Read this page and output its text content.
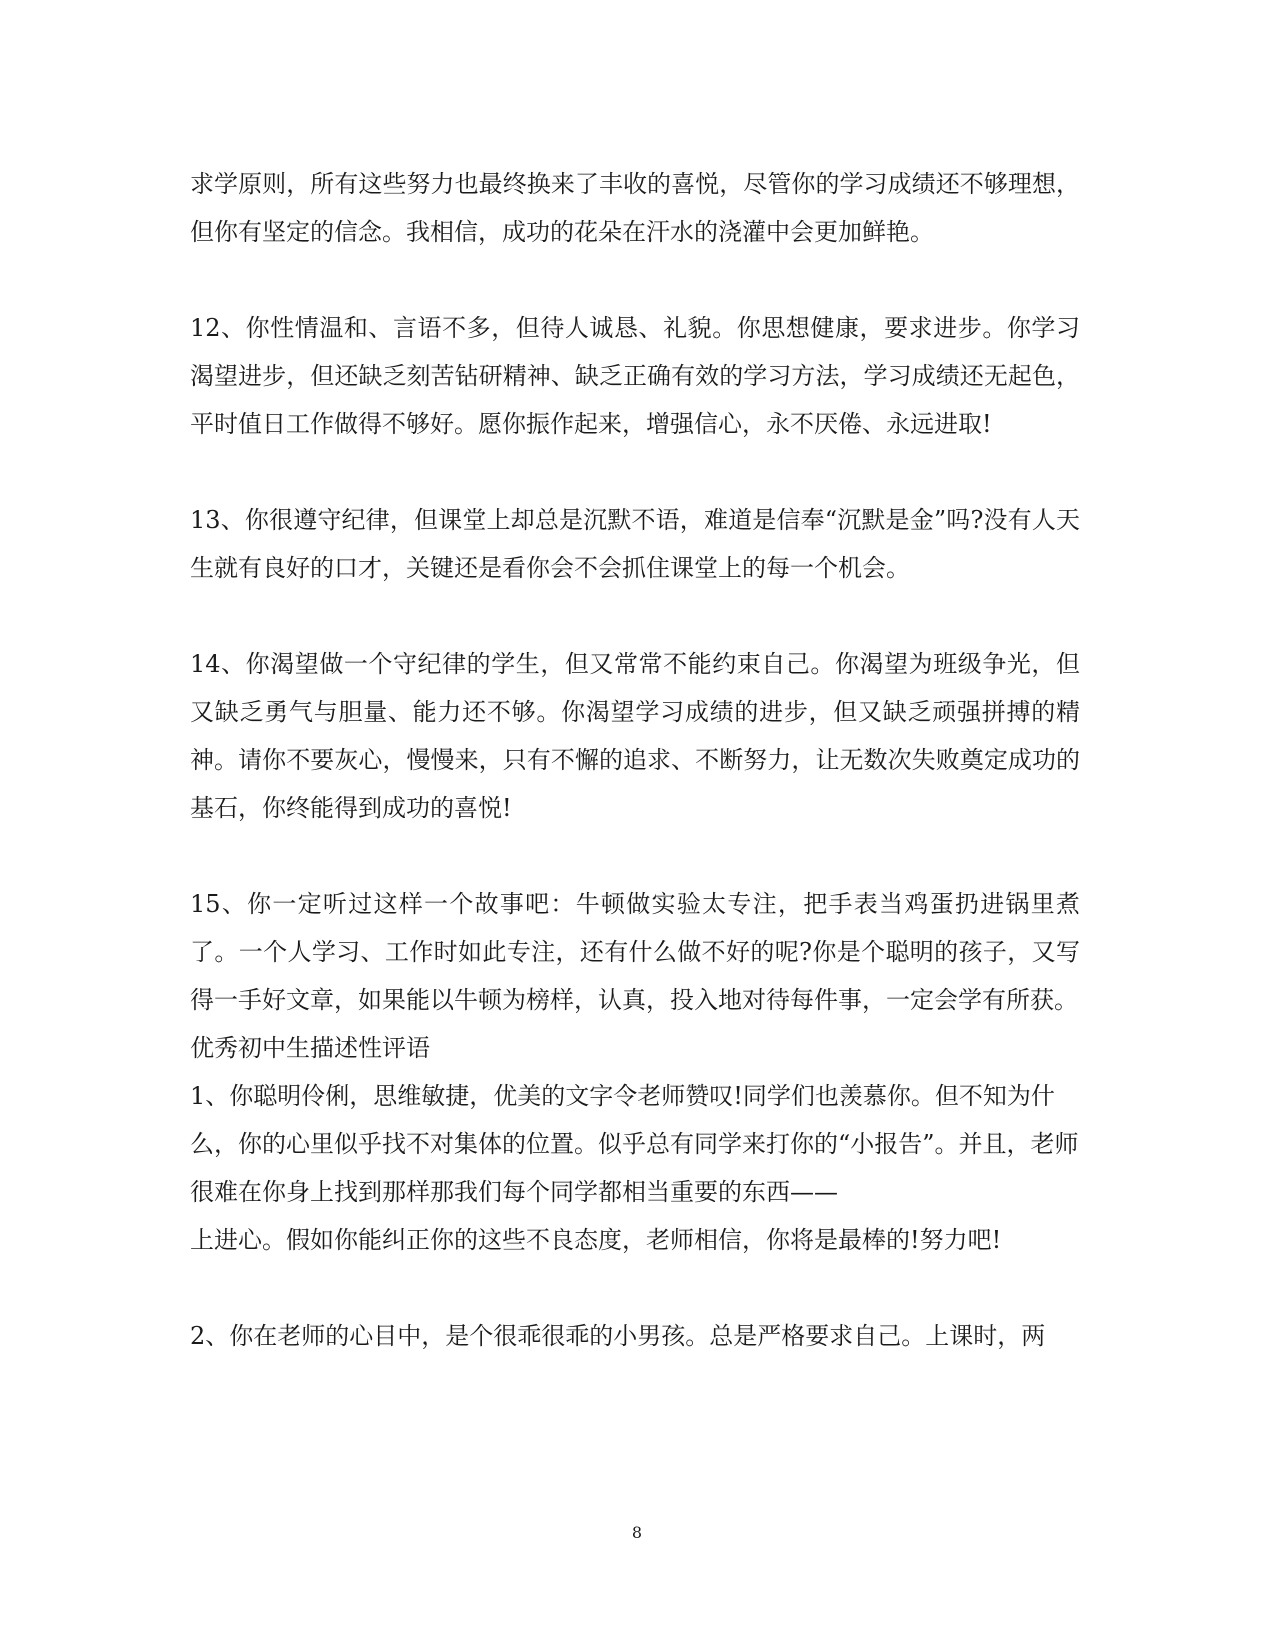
求学原则，所有这些努力也最终换来了丰收的喜悦，尽管你的学习成绩还不够理想，但你有坚定的信念。我相信，成功的花朵在汗水的浇灌中会更加鲜艳。

12、你性情温和、言语不多，但待人诚恳、礼貌。你思想健康，要求进步。你学习渴望进步，但还缺乏刻苦钻研精神、缺乏正确有效的学习方法，学习成绩还无起色，平时值日工作做得不够好。愿你振作起来，增强信心，永不厌倦、永远进取!

13、你很遵守纪律，但课堂上却总是沉默不语，难道是信奉“沉默是金”吗?没有人天生就有良好的口才，关键还是看你会不会抓住课堂上的每一个机会。

14、你渴望做一个守纪律的学生，但又常常不能约束自己。你渴望为班级争光，但又缺乏勇气与胆量、能力还不够。你渴望学习成绩的进步，但又缺乏顽强拼搏的精神。请你不要灰心，慢慢来，只有不懈的追求、不断努力，让无数次失败奠定成功的基石，你终能得到成功的喜悦!

15、你一定听过这样一个故事吧：牛顿做实验太专注，把手表当鸡蛋扔进锅里煮了。一个人学习、工作时如此专注，还有什么做不好的呢?你是个聪明的孩子，又写得一手好文章，如果能以牛顿为榜样，认真，投入地对待每件事，一定会学有所获。

优秀初中生描述性评语

1、你聪明伶俐，思维敏捷，优美的文字令老师赞叹!同学们也羡慕你。但不知为什么，你的心里似乎找不对集体的位置。似乎总有同学来打你的“小报告”。并且，老师很难在你身上找到那样那我们每个同学都相当重要的东西——

上进心。假如你能纠正你的这些不良态度，老师相信，你将是最棒的!努力吧!

2、你在老师的心目中，是个很乖很乖的小男孩。总是严格要求自己。上课时，两

8
